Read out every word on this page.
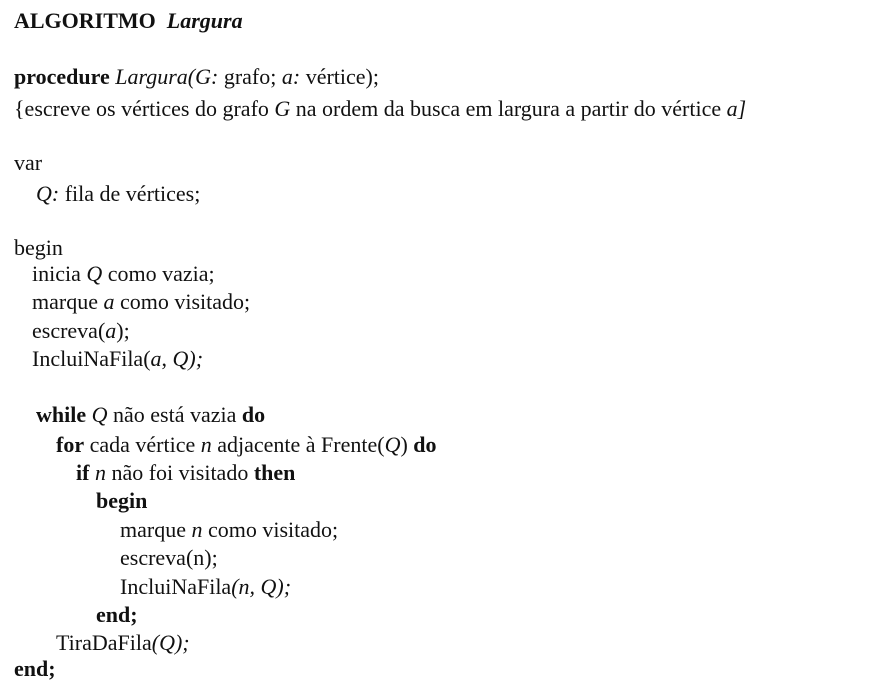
ALGORITMO Largura
procedure Largura(G: grafo; a: vértice);
{escreve os vértices do grafo G na ordem da busca em largura a partir do vértice a]
var
Q: fila de vértices;
begin
inicia Q como vazia;
marque a como visitado;
escreva(a);
IncluiNaFila(a, Q);
while Q não está vazia do
for cada vértice n adjacente à Frente(Q) do
if n não foi visitado then
begin
marque n como visitado;
escreva(n);
IncluiNaFila(n, Q);
end;
TiraDaFila(Q);
end;
